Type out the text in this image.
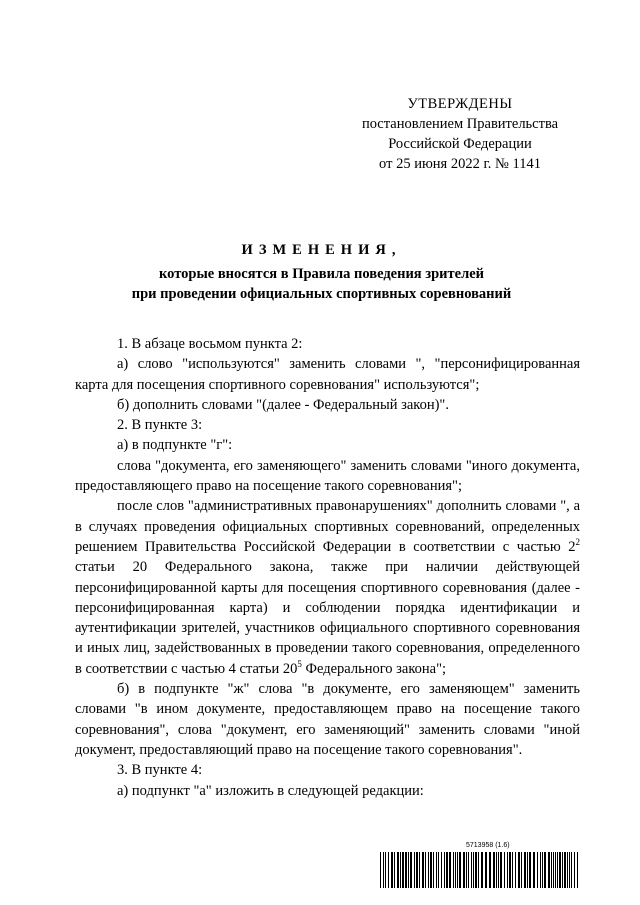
УТВЕРЖДЕНЫ
постановлением Правительства
Российской Федерации
от 25 июня 2022 г. № 1141
ИЗМЕНЕНИЯ,
которые вносятся в Правила поведения зрителей
при проведении официальных спортивных соревнований

1. В абзаце восьмом пункта 2:

а) слово "используются" заменить словами ", "персонифицированная карта для посещения спортивного соревнования" используются";

б) дополнить словами "(далее - Федеральный закон)".

2. В пункте 3:

а) в подпункте "г":

слова "документа, его заменяющего" заменить словами "иного документа, предоставляющего право на посещение такого соревнования";

после слов "административных правонарушениях" дополнить словами ", а в случаях проведения официальных спортивных соревнований, определенных решением Правительства Российской Федерации в соответствии с частью $2^2$ статьи 20 Федерального закона, также при наличии действующей персонифицированной карты для посещения спортивного соревнования (далее - персонифицированная карта) и соблюдении порядка идентификации и аутентификации зрителей, участников официального спортивного соревнования и иных лиц, задействованных в проведении такого соревнования, определенного в соответствии с частью 4 статьи $20^5$ Федерального закона";

б) в подпункте "ж" слова "в документе, его заменяющем" заменить словами "в ином документе, предоставляющем право на посещение такого соревнования", слова "документ, его заменяющий" заменить словами "иной документ, предоставляющий право на посещение такого соревнования".

3. В пункте 4:

а) подпункт "а" изложить в следующей редакции:

5713958 (1.6)
